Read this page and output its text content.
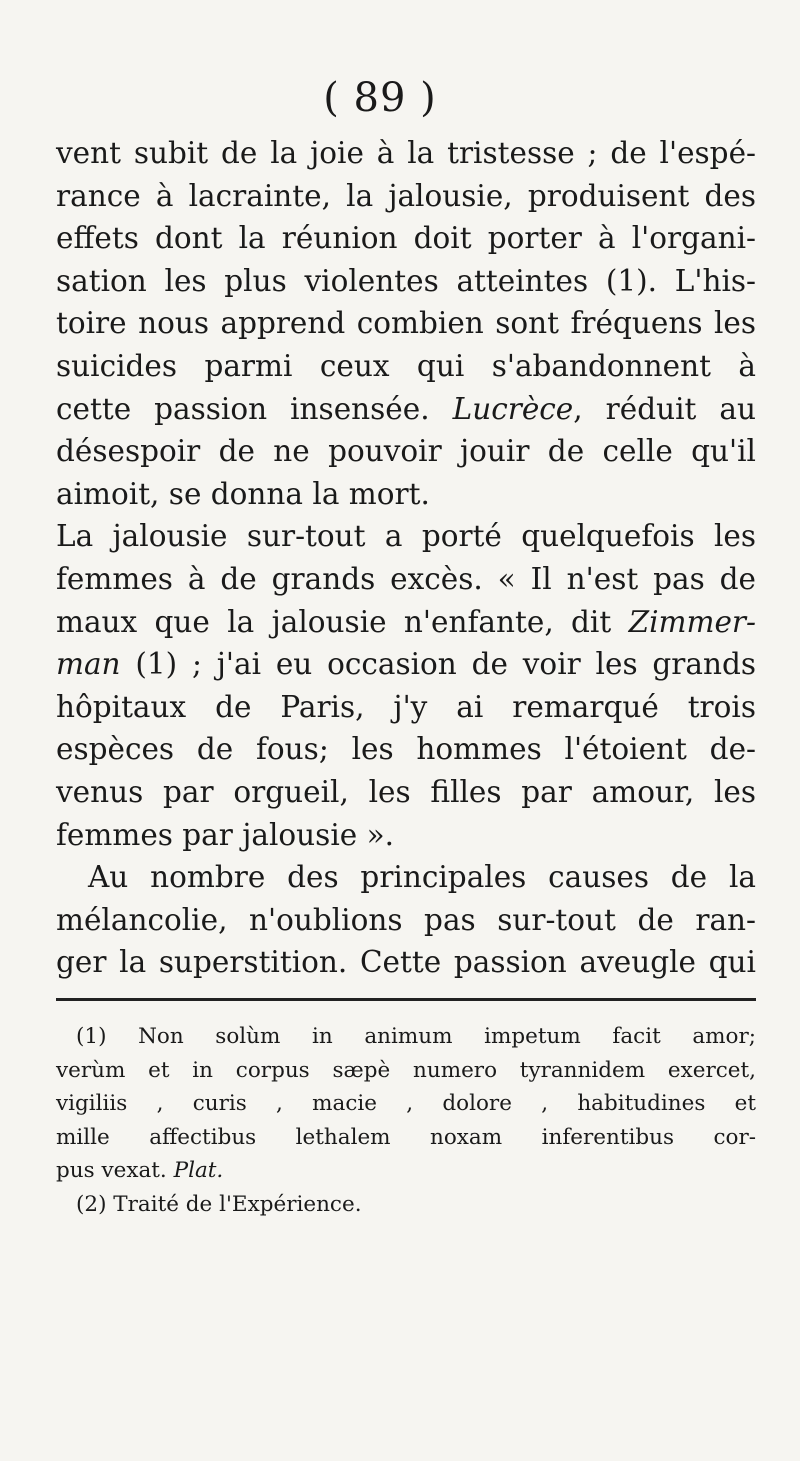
( 89 )
vent subit de la joie à la tristesse ; de l'espé-
rance à lacrainte, la jalousie, produisent des
effets dont la réunion doit porter à l'organi-
sation les plus violentes atteintes (1). L'his-
toire nous apprend combien sont fréquens les
suicides parmi ceux qui s'abandonnent à
cette passion insensée. Lucrèce, réduit au
désespoir de ne pouvoir jouir de celle qu'il
aimoit, se donna la mort.
La jalousie sur-tout a porté quelquefois les
femmes à de grands excès. « Il n'est pas de
maux que la jalousie n'enfante, dit Zimmer-
man (1) ; j'ai eu occasion de voir les grands
hôpitaux de Paris, j'y ai remarqué trois
espèces de fous; les hommes l'étoient de-
venus par orgueil, les filles par amour, les
femmes par jalousie ».
Au nombre des principales causes de la
mélancolie, n'oublions pas sur-tout de ran-
ger la superstition. Cette passion aveugle qui
(1) Non solùm in animum impetum facit amor;
verùm et in corpus sæpè numero tyrannidem exercet,
vigiliis , curis , macie , dolore , habitudines et
mille affectibus lethalem noxam inferentibus cor-
pus vexat. Plat.
(2) Traité de l'Expérience.
